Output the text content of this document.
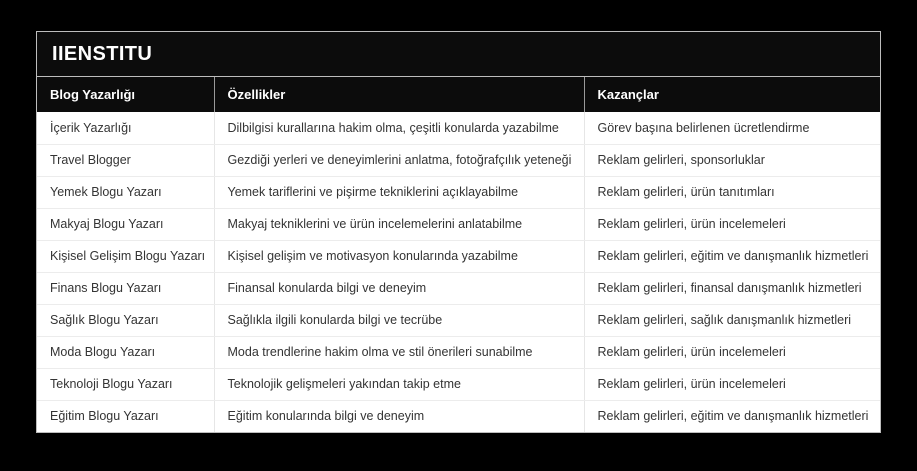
IIENSTITU
Blog Yazarlığı	Özellikler	Kazançlar
İçerik Yazarlığı	Dilbilgisi kurallarına hakim olma, çeşitli konularda yazabilme	Görev başına belirlenen ücretlendirme
Travel Blogger	Gezdiği yerleri ve deneyimlerini anlatma, fotoğrafçılık yeteneği	Reklam gelirleri, sponsorluklar
Yemek Blogu Yazarı	Yemek tariflerini ve pişirme tekniklerini açıklayabilme	Reklam gelirleri, ürün tanıtımları
Makyaj Blogu Yazarı	Makyaj tekniklerini ve ürün incelemelerini anlatabilme	Reklam gelirleri, ürün incelemeleri
Kişisel Gelişim Blogu Yazarı	Kişisel gelişim ve motivasyon konularında yazabilme	Reklam gelirleri, eğitim ve danışmanlık hizmetleri
Finans Blogu Yazarı	Finansal konularda bilgi ve deneyim	Reklam gelirleri, finansal danışmanlık hizmetleri
Sağlık Blogu Yazarı	Sağlıkla ilgili konularda bilgi ve tecrübe	Reklam gelirleri, sağlık danışmanlık hizmetleri
Moda Blogu Yazarı	Moda trendlerine hakim olma ve stil önerileri sunabilme	Reklam gelirleri, ürün incelemeleri
Teknoloji Blogu Yazarı	Teknolojik gelişmeleri yakından takip etme	Reklam gelirleri, ürün incelemeleri
Eğitim Blogu Yazarı	Eğitim konularında bilgi ve deneyim	Reklam gelirleri, eğitim ve danışmanlık hizmetleri
